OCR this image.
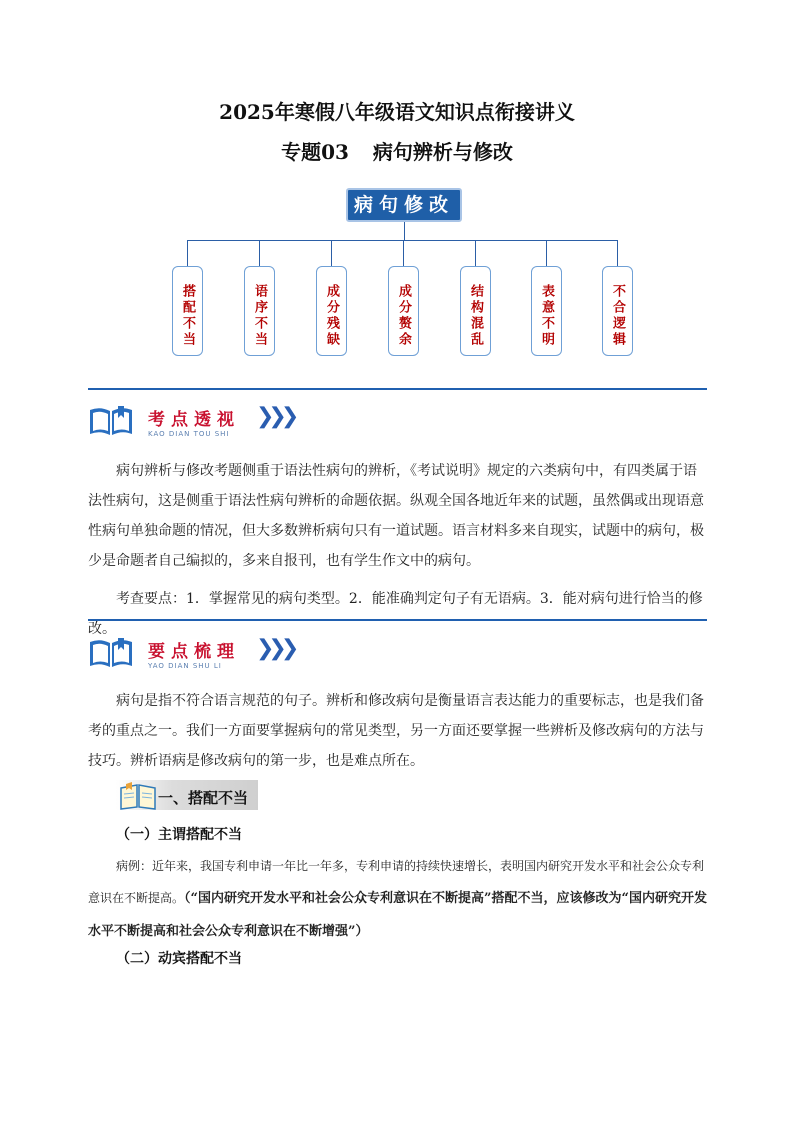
2025年寒假八年级语文知识点衔接讲义
专题03 病句辨析与修改
病句修改
搭配不当	语序不当	成分残缺	成分赘余	结构混乱	表意不明	不合逻辑
考点透视
KAO DIAN TOU SHI
❯❯❯

病句辨析与修改考题侧重于语法性病句的辨析，《考试说明》规定的六类病句中，有四类属于语法性病句，这是侧重于语法性病句辨析的命题依据。纵观全国各地近年来的试题，虽然偶或出现语意性病句单独命题的情况，但大多数辨析病句只有一道试题。语言材料多来自现实，试题中的病句，极少是命题者自己编拟的，多来自报刊，也有学生作文中的病句。

考查要点：1．掌握常见的病句类型。2．能准确判定句子有无语病。3．能对病句进行恰当的修改。

要点梳理
YAO DIAN SHU LI
❯❯❯

病句是指不符合语言规范的句子。辨析和修改病句是衡量语言表达能力的重要标志，也是我们备考的重点之一。我们一方面要掌握病句的常见类型，另一方面还要掌握一些辨析及修改病句的方法与技巧。辨析语病是修改病句的第一步，也是难点所在。

一、搭配不当
（一）主谓搭配不当
病例：近年来，我国专利申请一年比一年多，专利申请的持续快速增长，表明国内研究开发水平和社会公众专利意识在不断提高。（“国内研究开发水平和社会公众专利意识在不断提高”搭配不当，应该修改为“国内研究开发水平不断提高和社会公众专利意识在不断增强”）
（二）动宾搭配不当
